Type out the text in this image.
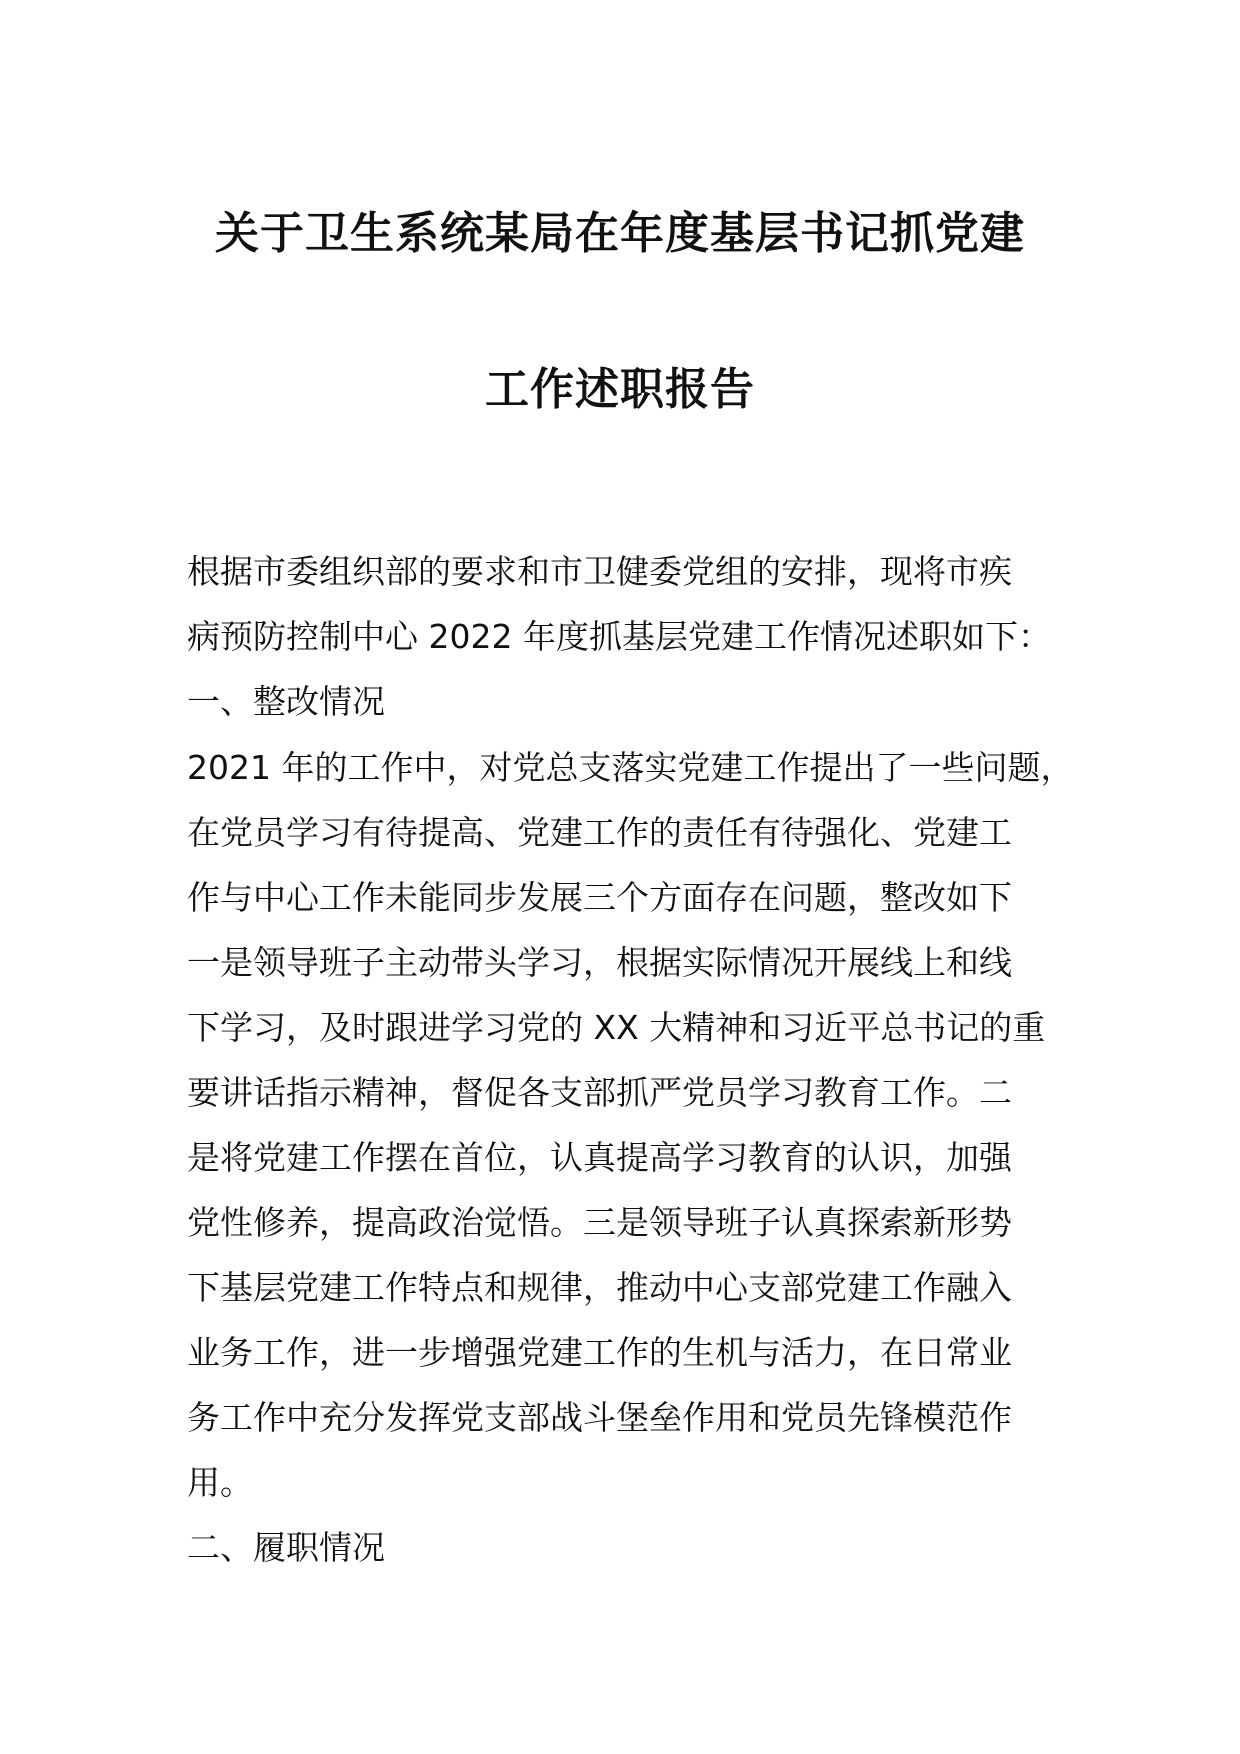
关于卫生系统某局在年度基层书记抓党建
工作述职报告
根据市委组织部的要求和市卫健委党组的安排，现将市疾
病预防控制中心 2022 年度抓基层党建工作情况述职如下：
一、整改情况
2021 年的工作中，对党总支落实党建工作提出了一些问题，
在党员学习有待提高、党建工作的责任有待强化、党建工
作与中心工作未能同步发展三个方面存在问题，整改如下
一是领导班子主动带头学习，根据实际情况开展线上和线
下学习，及时跟进学习党的 XX 大精神和习近平总书记的重
要讲话指示精神，督促各支部抓严党员学习教育工作。二
是将党建工作摆在首位，认真提高学习教育的认识，加强
党性修养，提高政治觉悟。三是领导班子认真探索新形势
下基层党建工作特点和规律，推动中心支部党建工作融入
业务工作，进一步增强党建工作的生机与活力，在日常业
务工作中充分发挥党支部战斗堡垒作用和党员先锋模范作
用。
二、履职情况
